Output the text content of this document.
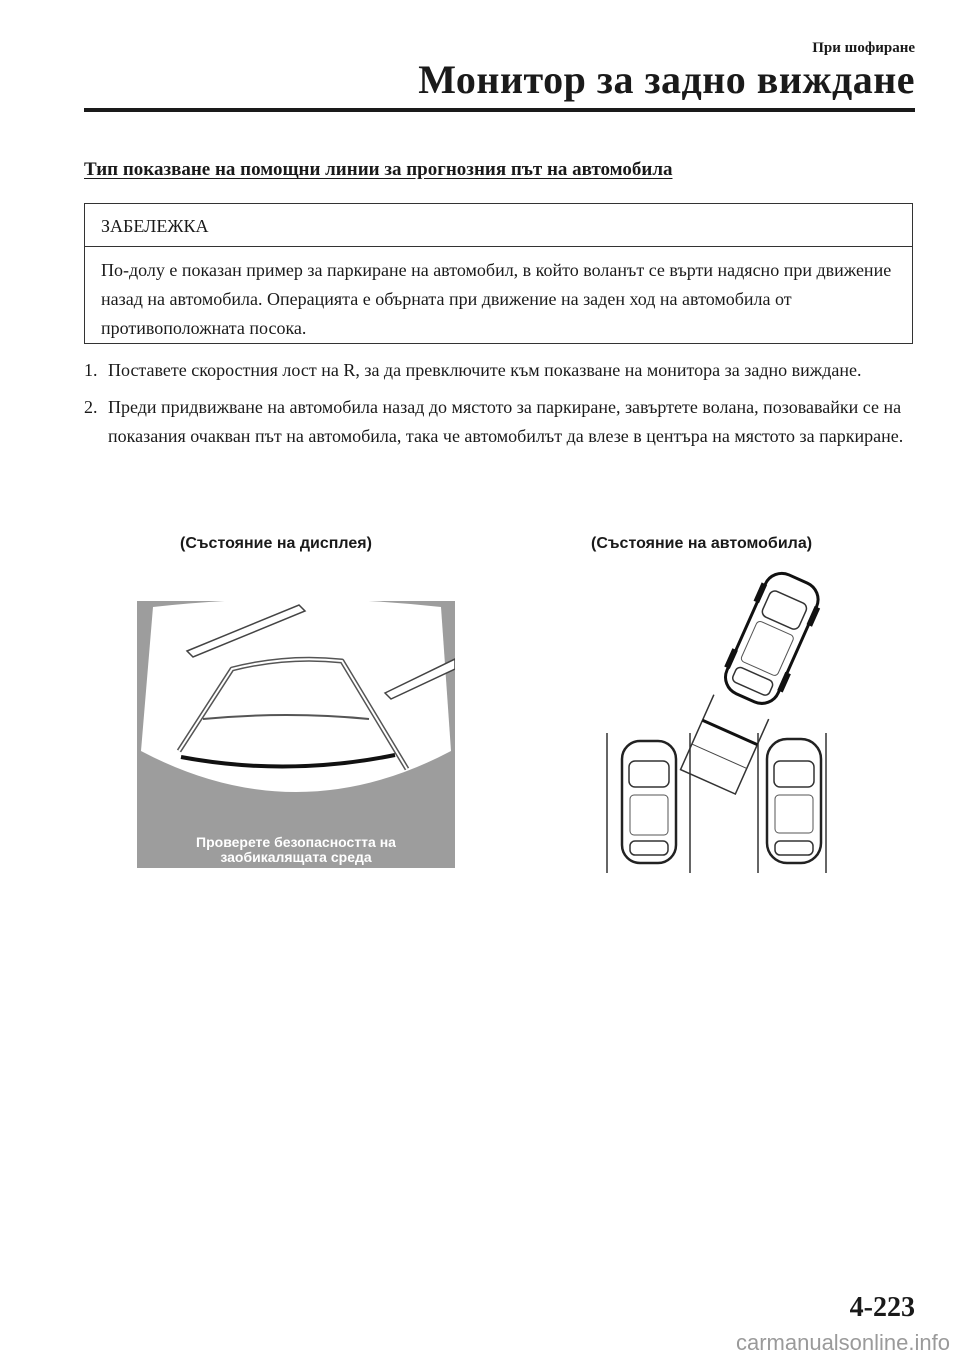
При шофиране
Монитор за задно виждане
Тип показване на помощни линии за прогнозния път на автомобила
ЗАБЕЛЕЖКА
По-долу е показан пример за паркиране на автомобил, в който воланът се върти надясно при движение назад на автомобила. Операцията е обърната при движение на заден ход на автомобила от противоположната посока.
1. Поставете скоростния лост на R, за да превключите към показване на монитора за задно виждане.
2. Преди придвижване на автомобила назад до мястото за паркиране, завъртете волана, позовавайки се на показания очакван път на автомобила, така че автомобилът да влезе в центъра на мястото за паркиране.
(Състояние на дисплея)	(Състояние на автомобила)
Проверете безопасността на
заобикалящата среда
4-223
carmanualsonline.info
